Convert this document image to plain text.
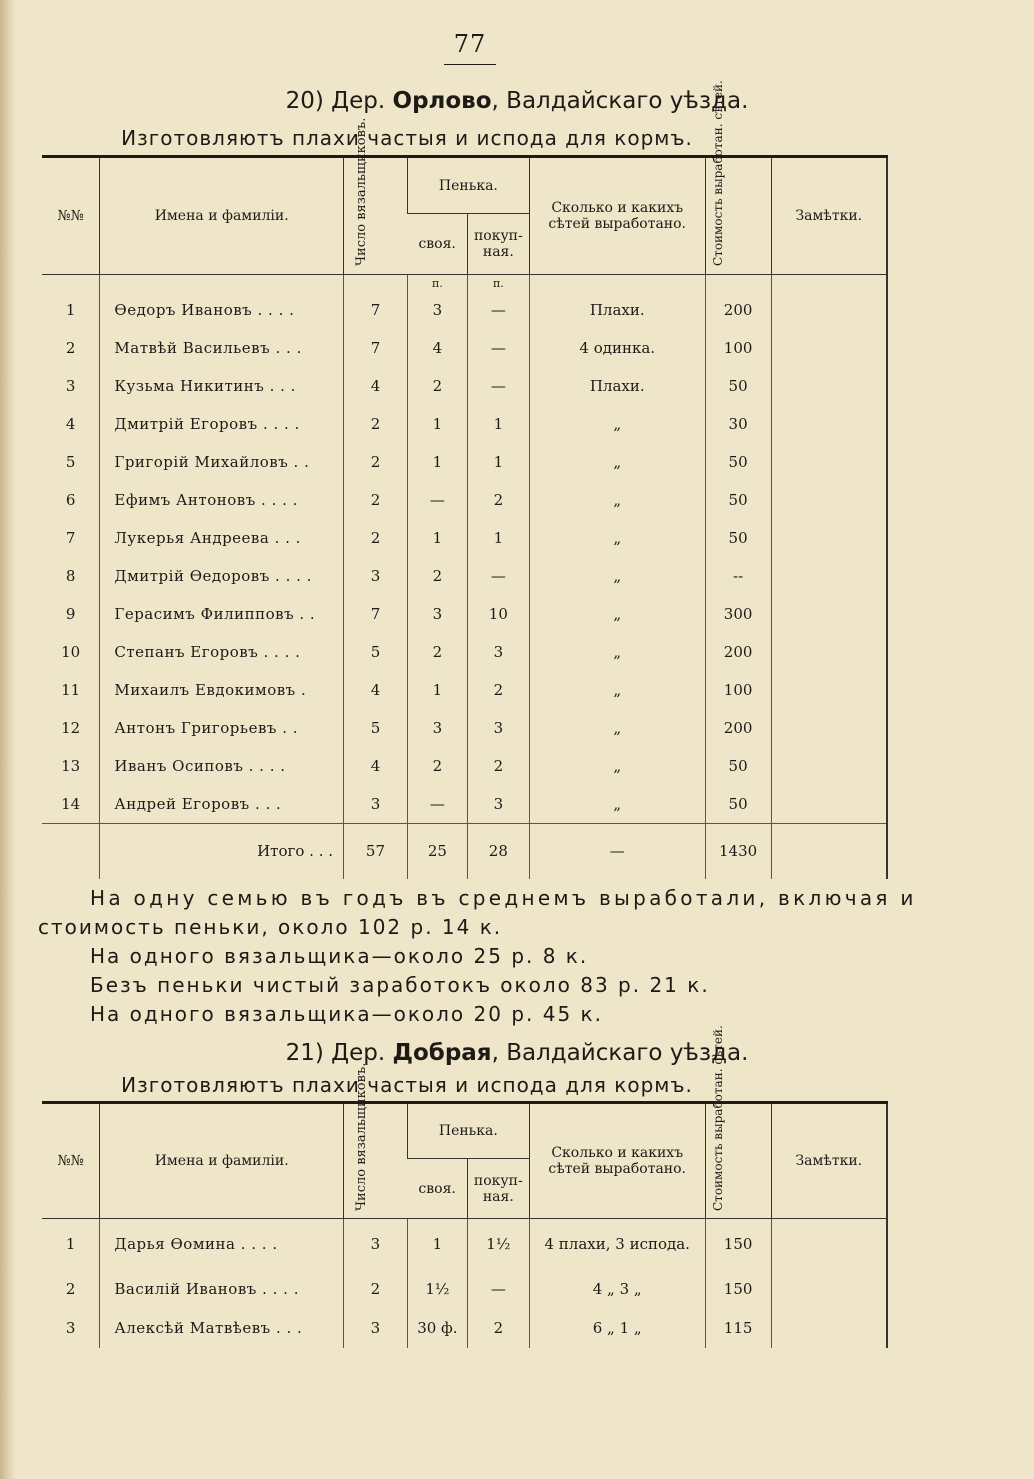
77
20) Дер. Орлово, Валдайскаго уѣзда.
Изготовляютъ плахи частыя и испода для кормъ.
№№	Имена и фамиліи.	Число вязальщиковъ.	Пенька.		Сколько и какихъ сѣтей выработано.	Стоимость выработан. сѣтей.	Замѣтки.
			своя.	покуп-ная.			
			п.	п.			
1	Ѳедоръ Ивановъ . . . .	7	3	—	Плахи.	200	
2	Матвѣй Васильевъ . . .	7	4	—	4 одинка.	100	
3	Кузьма Никитинъ . . .	4	2	—	Плахи.	50	
4	Дмитрій Егоровъ . . . .	2	1	1	„	30	
5	Григорій Михайловъ . .	2	1	1	„	50	
6	Ефимъ Антоновъ . . . .	2	—	2	„	50	
7	Лукерья Андреева . . .	2	1	1	„	50	
8	Дмитрій Ѳедоровъ . . . .	3	2	—	„	--	
9	Герасимъ Филипповъ . .	7	3	10	„	300	
10	Степанъ Егоровъ . . . .	5	2	3	„	200	
11	Михаилъ Евдокимовъ .	4	1	2	„	100	
12	Антонъ Григорьевъ . .	5	3	3	„	200	
13	Иванъ Осиповъ . . . .	4	2	2	„	50	
14	Андрей Егоровъ . . .	3	—	3	„	50	
	Итого . . .	57	25	28	—	1430	
На одну семью въ годъ въ среднемъ выработали, включая и
стоимость пеньки, около 102 р. 14 к.
На одного вязальщика—около 25 р. 8 к.
Безъ пеньки чистый заработокъ около 83 р. 21 к.
На одного вязальщика—около 20 р. 45 к.
21) Дер. Добрая, Валдайскаго уѣзда.
Изготовляютъ плахи частыя и испода для кормъ.
№№	Имена и фамиліи.	Число вязальщиковъ.	Пенька.		Сколько и какихъ сѣтей выработано.	Стоимость выработан. сѣтей.	Замѣтки.
			своя.	покуп-ная.			
1	Дарья Ѳомина . . . .	3	1	1½	4 плахи, 3 испода.	150	
2	Василій Ивановъ . . . .	2	1½	—	4 „ 3 „	150	
3	Алексѣй Матвѣевъ . . .	3	30 ф.	2	6 „ 1 „	115	
